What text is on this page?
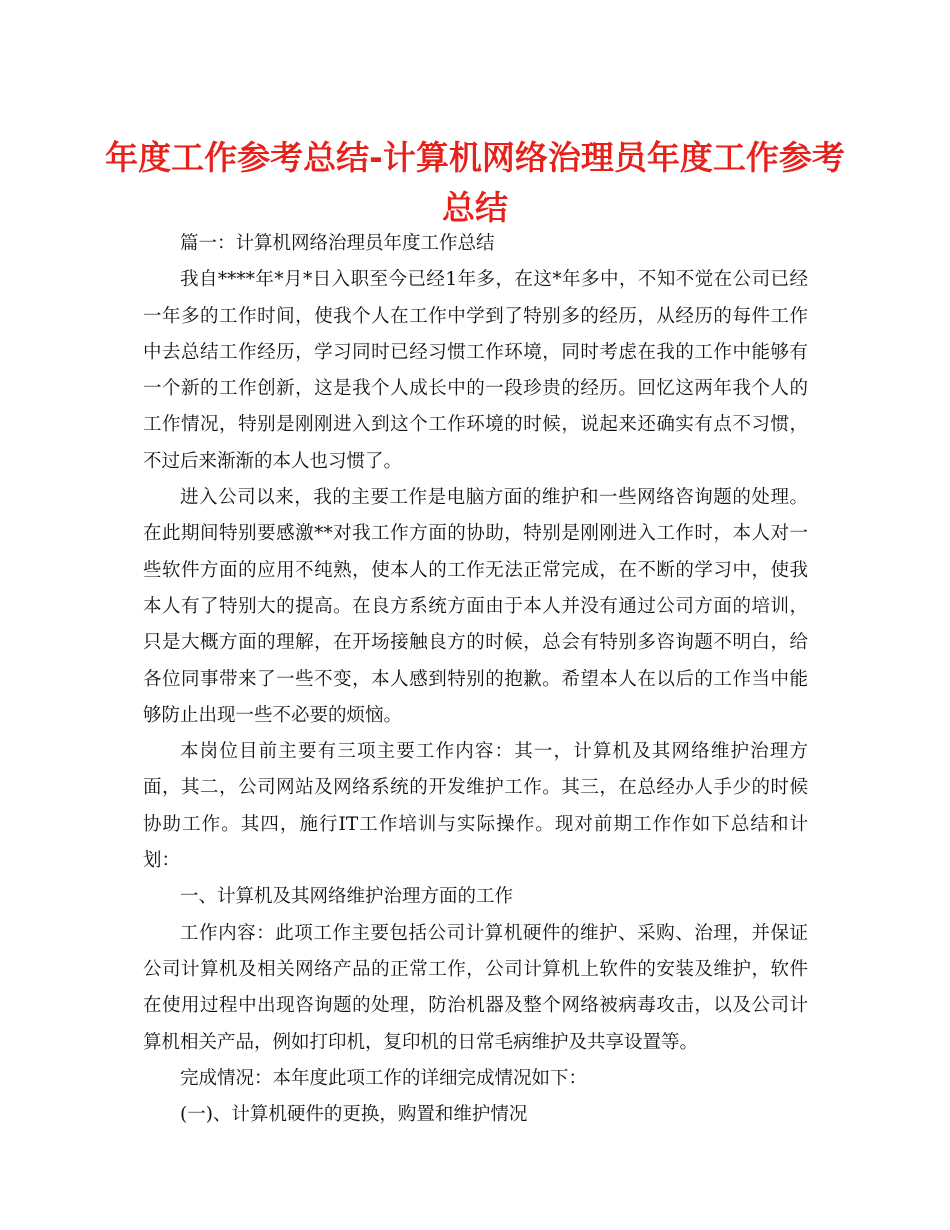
年度工作参考总结-计算机网络治理员年度工作参考总结

篇一：计算机网络治理员年度工作总结

我自****年*月*日入职至今已经1年多，在这*年多中，不知不觉在公司已经一年多的工作时间，使我个人在工作中学到了特别多的经历，从经历的每件工作中去总结工作经历，学习同时已经习惯工作环境，同时考虑在我的工作中能够有一个新的工作创新，这是我个人成长中的一段珍贵的经历。回忆这两年我个人的工作情况，特别是刚刚进入到这个工作环境的时候，说起来还确实有点不习惯，不过后来渐渐的本人也习惯了。

进入公司以来，我的主要工作是电脑方面的维护和一些网络咨询题的处理。在此期间特别要感激**对我工作方面的协助，特别是刚刚进入工作时，本人对一些软件方面的应用不纯熟，使本人的工作无法正常完成，在不断的学习中，使我本人有了特别大的提高。在良方系统方面由于本人并没有通过公司方面的培训，只是大概方面的理解，在开场接触良方的时候，总会有特别多咨询题不明白，给各位同事带来了一些不变，本人感到特别的抱歉。希望本人在以后的工作当中能够防止出现一些不必要的烦恼。

本岗位目前主要有三项主要工作内容：其一，计算机及其网络维护治理方面，其二，公司网站及网络系统的开发维护工作。其三，在总经办人手少的时候协助工作。其四，施行IT工作培训与实际操作。现对前期工作作如下总结和计划：

一、计算机及其网络维护治理方面的工作

工作内容：此项工作主要包括公司计算机硬件的维护、采购、治理，并保证公司计算机及相关网络产品的正常工作，公司计算机上软件的安装及维护，软件在使用过程中出现咨询题的处理，防治机器及整个网络被病毒攻击，以及公司计算机相关产品，例如打印机，复印机的日常毛病维护及共享设置等。

完成情况：本年度此项工作的详细完成情况如下：

(一)、计算机硬件的更换，购置和维护情况
